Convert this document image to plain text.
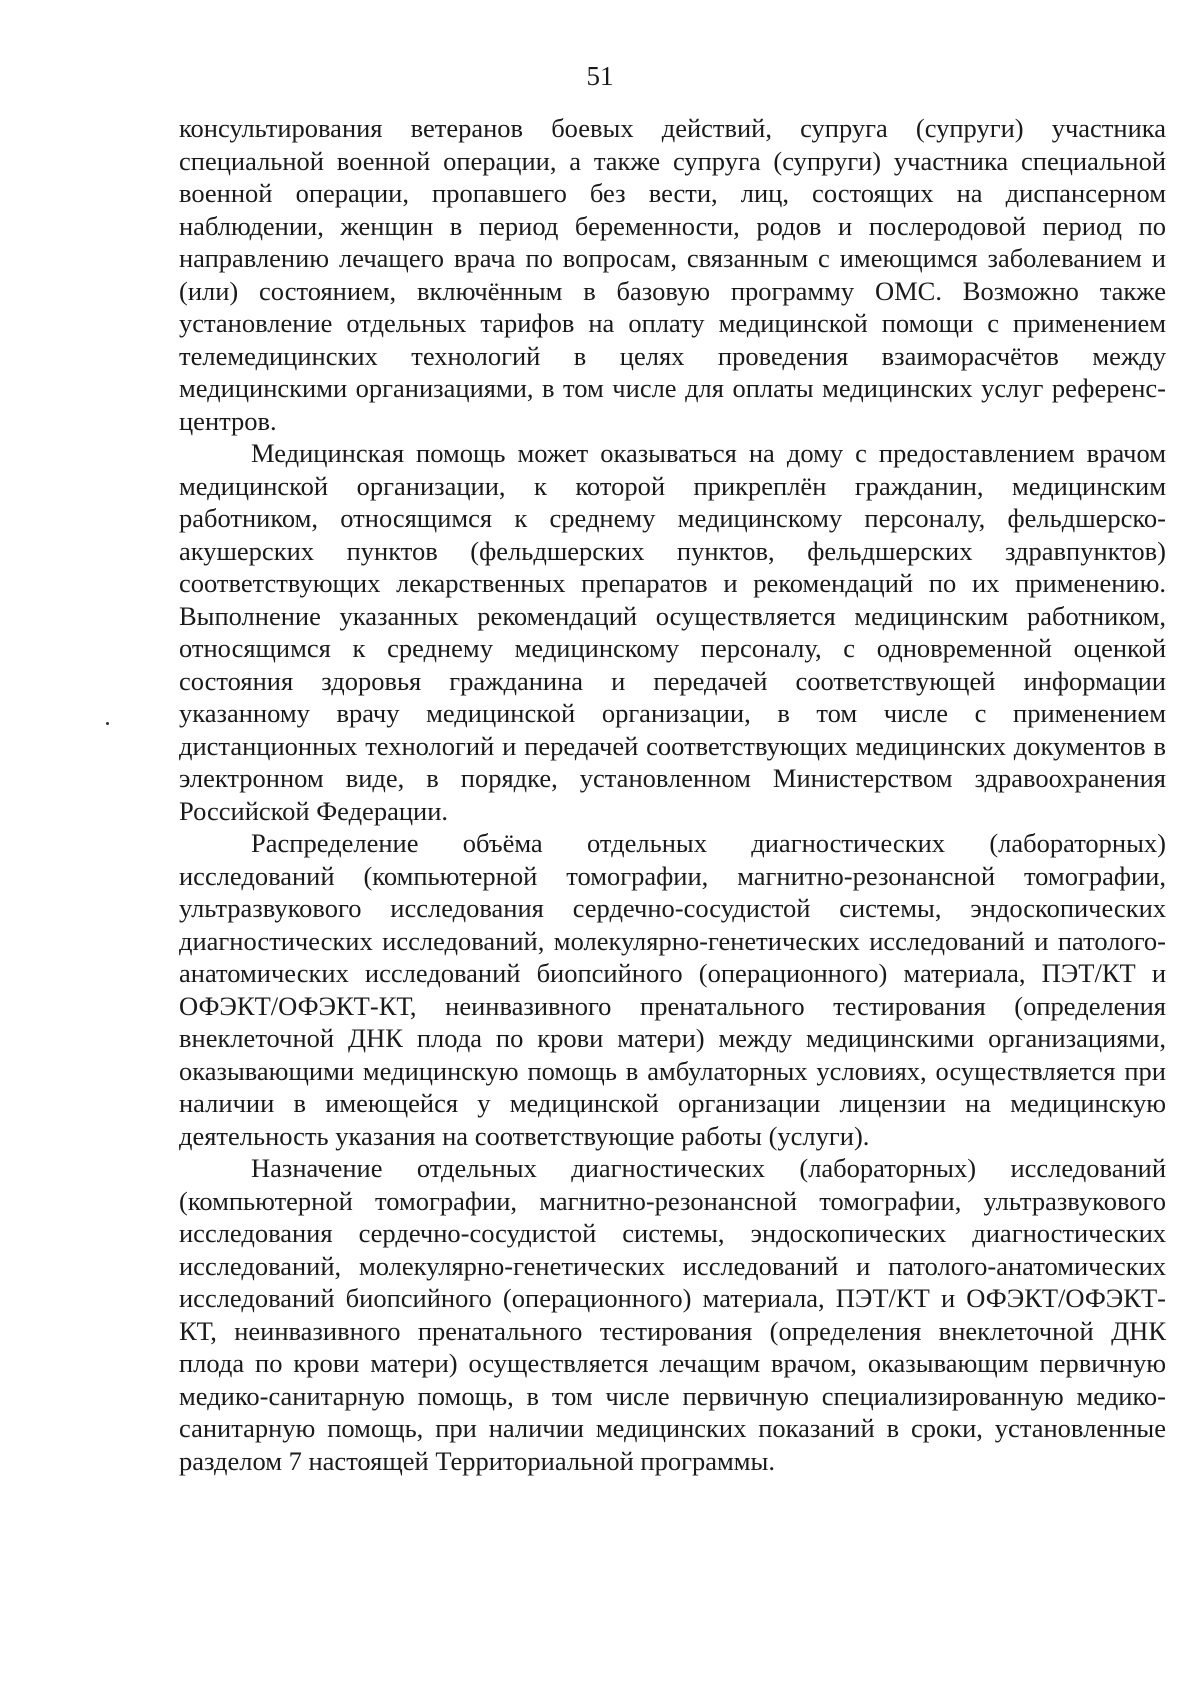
51

консультирования ветеранов боевых действий, супруга (супруги) участника специальной военной операции, а также супруга (супруги) участника специальной военной операции, пропавшего без вести, лиц, состоящих на диспансерном наблюдении, женщин в период беременности, родов и послеродовой период по направлению лечащего врача по вопросам, связанным с имеющимся заболеванием и (или) состоянием, включённым в базовую программу ОМС. Возможно также установление отдельных тарифов на оплату медицинской помощи с применением телемедицинских технологий в целях проведения взаиморасчётов между медицинскими организациями, в том числе для оплаты медицинских услуг референс-центров.

Медицинская помощь может оказываться на дому с предоставлением врачом медицинской организации, к которой прикреплён гражданин, медицинским работником, относящимся к среднему медицинскому персоналу, фельдшерско-акушерских пунктов (фельдшерских пунктов, фельдшерских здравпунктов) соответствующих лекарственных препаратов и рекомендаций по их применению. Выполнение указанных рекомендаций осуществляется медицинским работником, относящимся к среднему медицинскому персоналу, с одновременной оценкой состояния здоровья гражданина и передачей соответствующей информации указанному врачу медицинской организации, в том числе с применением дистанционных технологий и передачей соответствующих медицинских документов в электронном виде, в порядке, установленном Министерством здравоохранения Российской Федерации.

Распределение объёма отдельных диагностических (лабораторных) исследований (компьютерной томографии, магнитно-резонансной томографии, ультразвукового исследования сердечно-сосудистой системы, эндоскопических диагностических исследований, молекулярно-генетических исследований и патолого-анатомических исследований биопсийного (операционного) материала, ПЭТ/КТ и ОФЭКТ/ОФЭКТ-КТ, неинвазивного пренатального тестирования (определения внеклеточной ДНК плода по крови матери) между медицинскими организациями, оказывающими медицинскую помощь в амбулаторных условиях, осуществляется при наличии в имеющейся у медицинской организации лицензии на медицинскую деятельность указания на соответствующие работы (услуги).

Назначение отдельных диагностических (лабораторных) исследований (компьютерной томографии, магнитно-резонансной томографии, ультразвукового исследования сердечно-сосудистой системы, эндоскопических диагностических исследований, молекулярно-генетических исследований и патолого-анатомических исследований биопсийного (операционного) материала, ПЭТ/КТ и ОФЭКТ/ОФЭКТ-КТ, неинвазивного пренатального тестирования (определения внеклеточной ДНК плода по крови матери) осуществляется лечащим врачом, оказывающим первичную медико-санитарную помощь, в том числе первичную специализированную медико-санитарную помощь, при наличии медицинских показаний в сроки, установленные разделом 7 настоящей Территориальной программы.
